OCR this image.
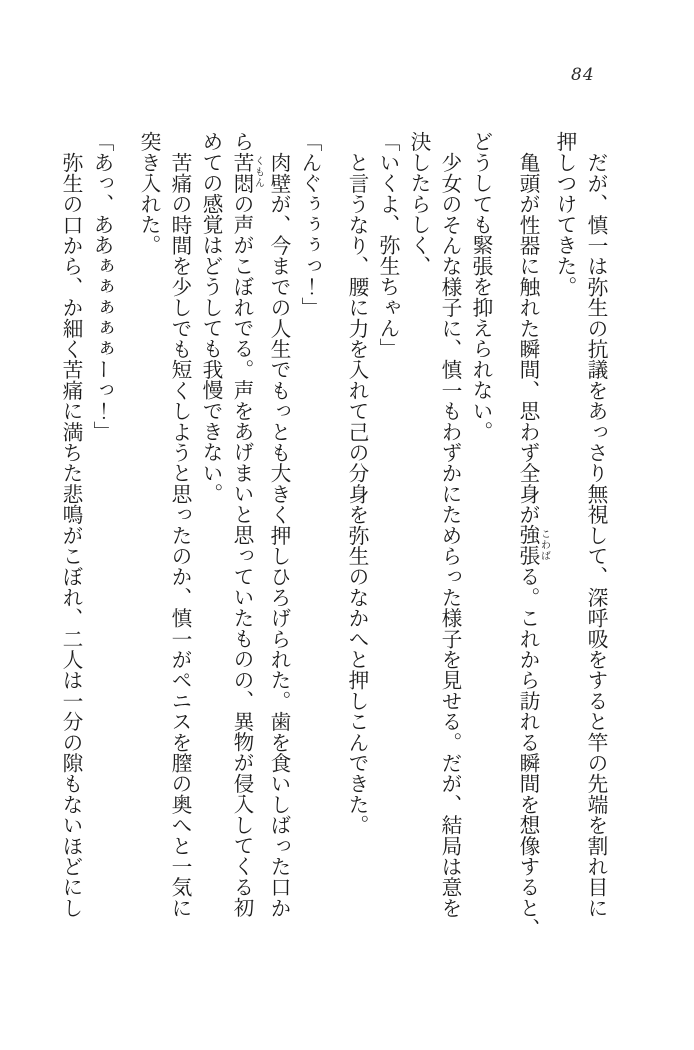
84

だが、慎一は弥生の抗議をあっさり無視して、深呼吸をすると竿の先端を割れ目に

押しつけてきた。

亀頭が性器に触れた瞬間、思わず全身が強張こわばる。これから訪れる瞬間を想像すると、

どうしても緊張を抑えられない。

少女のそんな様子に、慎一もわずかにためらった様子を見せる。だが、結局は意を

決したらしく、

「いくよ、弥生ちゃん」

と言うなり、腰に力を入れて己の分身を弥生のなかへと押しこんできた。

「んぐぅぅぅっ！」

肉壁が、今までの人生でもっとも大きく押しひろげられた。歯を食いしばった口か

ら苦悶くもんの声がこぼれでる。声をあげまいと思っていたものの、異物が侵入してくる初

めての感覚はどうしても我慢できない。

苦痛の時間を少しでも短くしようと思ったのか、慎一がペニスを膣の奥へと一気に

突き入れた。

「あっ、ああぁぁぁぁぁーっ！」

弥生の口から、か細く苦痛に満ちた悲鳴がこぼれ、二人は一分の隙もないほどにし
